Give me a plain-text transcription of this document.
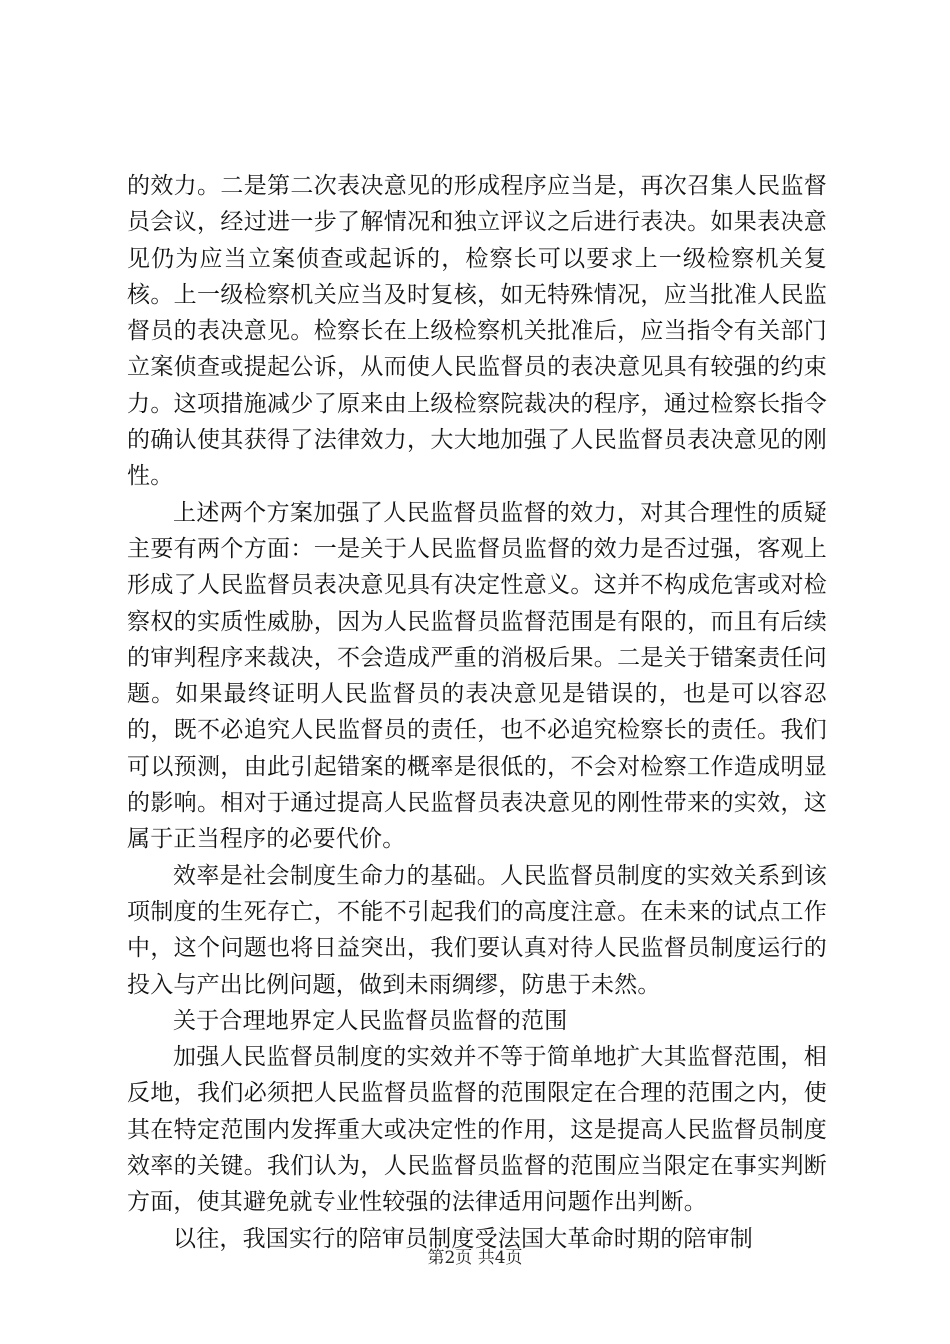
的效力。二是第二次表决意见的形成程序应当是，再次召集人民监督员会议，经过进一步了解情况和独立评议之后进行表决。如果表决意见仍为应当立案侦查或起诉的，检察长可以要求上一级检察机关复核。上一级检察机关应当及时复核，如无特殊情况，应当批准人民监督员的表决意见。检察长在上级检察机关批准后，应当指令有关部门立案侦查或提起公诉，从而使人民监督员的表决意见具有较强的约束力。这项措施减少了原来由上级检察院裁决的程序，通过检察长指令的确认使其获得了法律效力，大大地加强了人民监督员表决意见的刚性。

上述两个方案加强了人民监督员监督的效力，对其合理性的质疑主要有两个方面：一是关于人民监督员监督的效力是否过强，客观上形成了人民监督员表决意见具有决定性意义。这并不构成危害或对检察权的实质性威胁，因为人民监督员监督范围是有限的，而且有后续的审判程序来裁决，不会造成严重的消极后果。二是关于错案责任问题。如果最终证明人民监督员的表决意见是错误的，也是可以容忍的，既不必追究人民监督员的责任，也不必追究检察长的责任。我们可以预测，由此引起错案的概率是很低的，不会对检察工作造成明显的影响。相对于通过提高人民监督员表决意见的刚性带来的实效，这属于正当程序的必要代价。

效率是社会制度生命力的基础。人民监督员制度的实效关系到该项制度的生死存亡，不能不引起我们的高度注意。在未来的试点工作中，这个问题也将日益突出，我们要认真对待人民监督员制度运行的投入与产出比例问题，做到未雨绸缪，防患于未然。

关于合理地界定人民监督员监督的范围

加强人民监督员制度的实效并不等于简单地扩大其监督范围，相反地，我们必须把人民监督员监督的范围限定在合理的范围之内，使其在特定范围内发挥重大或决定性的作用，这是提高人民监督员制度效率的关键。我们认为，人民监督员监督的范围应当限定在事实判断方面，使其避免就专业性较强的法律适用问题作出判断。

以往，我国实行的陪审员制度受法国大革命时期的陪审制

第2页 共4页
